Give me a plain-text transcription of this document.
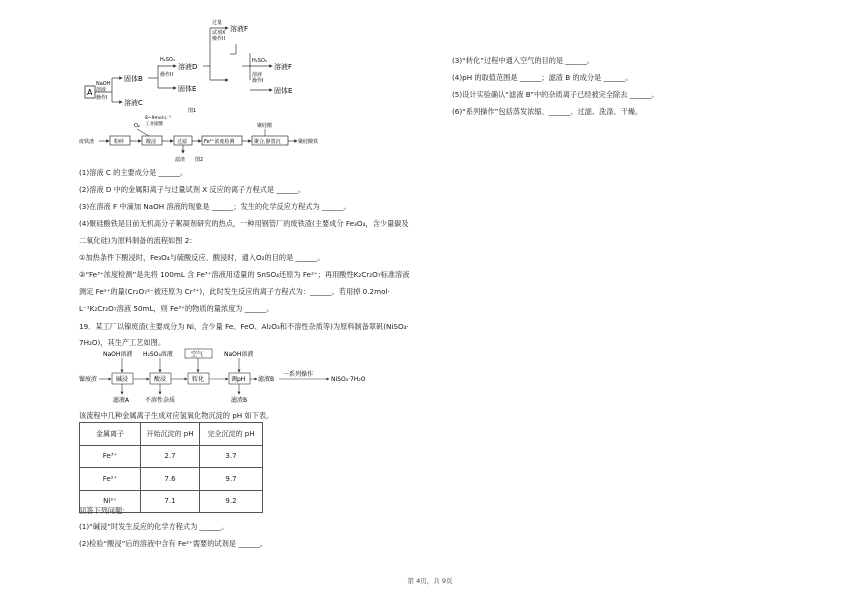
A
NaOH
溶液
操作I
固体B
溶液C
H₂SO₄
操作II
溶液D
固体E
过量
试剂X
操作II
溶液F
H₂SO₄
溶液
操作I
溶液F
固体E
图1
废铁渣	粉碎
O₂
8~9mol·L⁻¹
工业硫酸
酸浸	过滤
滤渣
Fe²⁺浓度检测
聚硅酸
聚合,静置沉	聚硅酸铁
图2
(1)溶液 C 的主要成分是 ______。
(2)溶液 D 中的金属阳离子与过量试剂 X 反应的离子方程式是 ______。
(3)在溶液 F 中滴加 NaOH 溶液的现象是 ______；发生的化学反应方程式为 ______。
(4)聚硅酸铁是目前无机高分子絮凝剂研究的热点，一种用钢管厂的废铁渣(主要成分 Fe₃O₄，含少量碳及
二氧化硅)为原料制备的流程如图 2：
①加热条件下酸浸时，Fe₃O₄与硫酸反应、酸浸时，通入O₂的目的是 ______。
②“Fe³⁺浓度检测”是先将 100mL 含 Fe³⁺溶液用适量的 SnSO₄还原为 Fe²⁺；再用酸性K₂Cr₂O₇标准溶液
测定 Fe²⁺的量(Cr₂O₇²⁻被还原为 Cr³⁺)，此时发生反应的离子方程式为：______。若用掉 0.2mol·
L⁻¹K₂Cr₂O₇溶液 50mL，则 Fe³⁺的物质的量浓度为 ______。
19．某工厂以镍废渣(主要成分为 Ni，含少量 Fe、FeO、Al₂O₃和不溶性杂质等)为原料制备翠矾(NiSO₄·
7H₂O)，其生产工艺如图。
NaOH溶液 H₂SO₄溶液	空气	NaOH溶液
镍废渣	碱浸
滤液A
酸浸
不溶性杂质
转化	调pH
滤渣B
滤液B
一系列操作
NiSO₄·7H₂O
该流程中几种金属离子生成对应氢氧化物沉淀的 pH 如下表。
金属离子	开始沉淀的 pH	完全沉淀的 pH
Fe³⁺	2.7	3.7
Fe²⁺	7.6	9.7
Ni²⁺	7.1	9.2
回答下列问题：
(1)“碱浸”时发生反应的化学方程式为 ______。
(2)检验“酸浸”后的溶液中含有 Fe²⁺需要的试剂是 ______。
(3)“转化”过程中通入空气的目的是 ______。
(4)pH 的取值范围是 ______；滤渣 B 的成分是 ______。
(5)设计实验确认“滤液 B”中的杂质离子已经被完全除去 ______。
(6)“系列操作”包括蒸发浓缩、______、过滤、洗涤、干燥。
第 4页，共 9页
